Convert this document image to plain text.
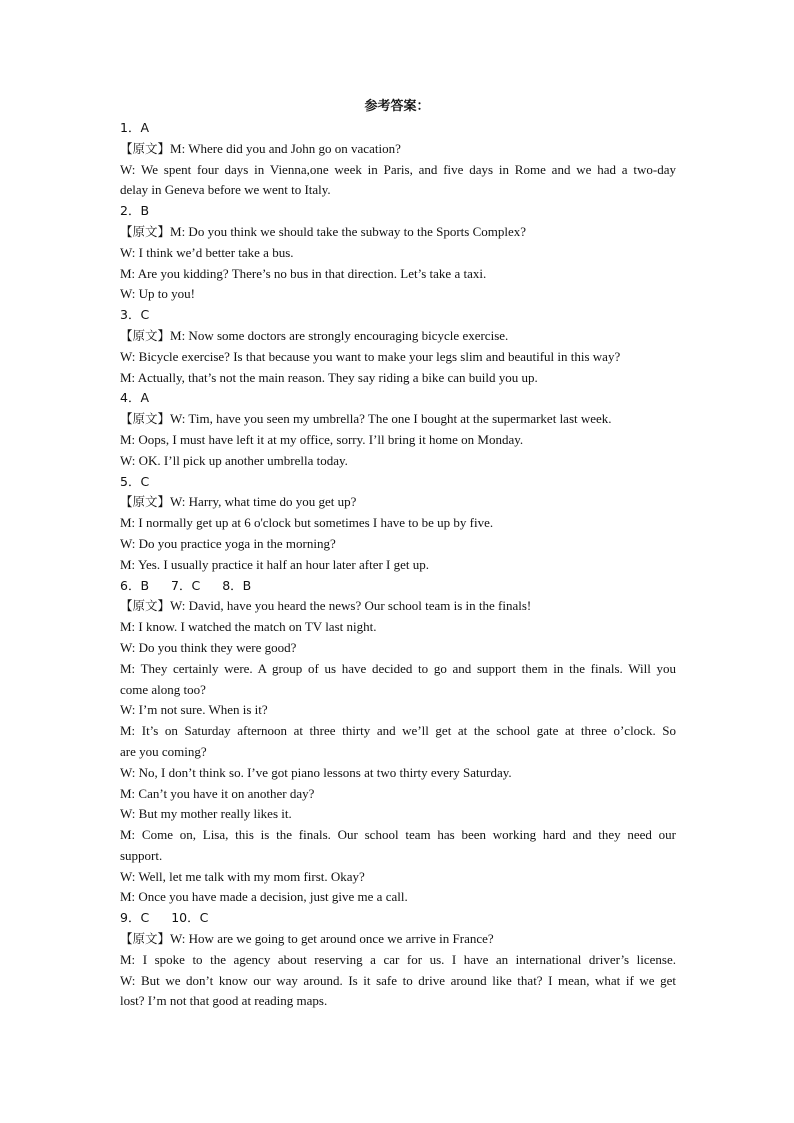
参考答案：
1．A
【原文】M: Where did you and John go on vacation?
W: We spent four days in Vienna,one week in Paris, and five days in Rome and we had a two-day
delay in Geneva before we went to Italy.
2．B
【原文】M: Do you think we should take the subway to the Sports Complex?
W: I think we’d better take a bus.
M: Are you kidding? There’s no bus in that direction. Let’s take a taxi.
W: Up to you!
3．C
【原文】M: Now some doctors are strongly encouraging bicycle exercise.
W: Bicycle exercise? Is that because you want to make your legs slim and beautiful in this way?
M: Actually, that’s not the main reason. They say riding a bike can build you up.
4．A
【原文】W: Tim, have you seen my umbrella? The one I bought at the supermarket last week.
M: Oops, I must have left it at my office, sorry. I’ll bring it home on Monday.
W: OK. I’ll pick up another umbrella today.
5．C
【原文】W: Harry, what time do you get up?
M: I normally get up at 6 o'clock but sometimes I have to be up by five.
W: Do you practice yoga in the morning?
M: Yes. I usually practice it half an hour later after I get up.
6．B 7．C 8．B
【原文】W: David, have you heard the news? Our school team is in the finals!
M: I know. I watched the match on TV last night.
W: Do you think they were good?
M: They certainly were. A group of us have decided to go and support them in the finals. Will you
come along too?
W: I’m not sure. When is it?
M: It’s on Saturday afternoon at three thirty and we’ll get at the school gate at three o’clock. So
are you coming?
W: No, I don’t think so. I’ve got piano lessons at two thirty every Saturday.
M: Can’t you have it on another day?
W: But my mother really likes it.
M: Come on, Lisa, this is the finals. Our school team has been working hard and they need our
support.
W: Well, let me talk with my mom first. Okay?
M: Once you have made a decision, just give me a call.
9．C 10．C
【原文】W: How are we going to get around once we arrive in France?
M: I spoke to the agency about reserving a car for us. I have an international driver’s license.
W: But we don’t know our way around. Is it safe to drive around like that? I mean, what if we get
lost? I’m not that good at reading maps.
